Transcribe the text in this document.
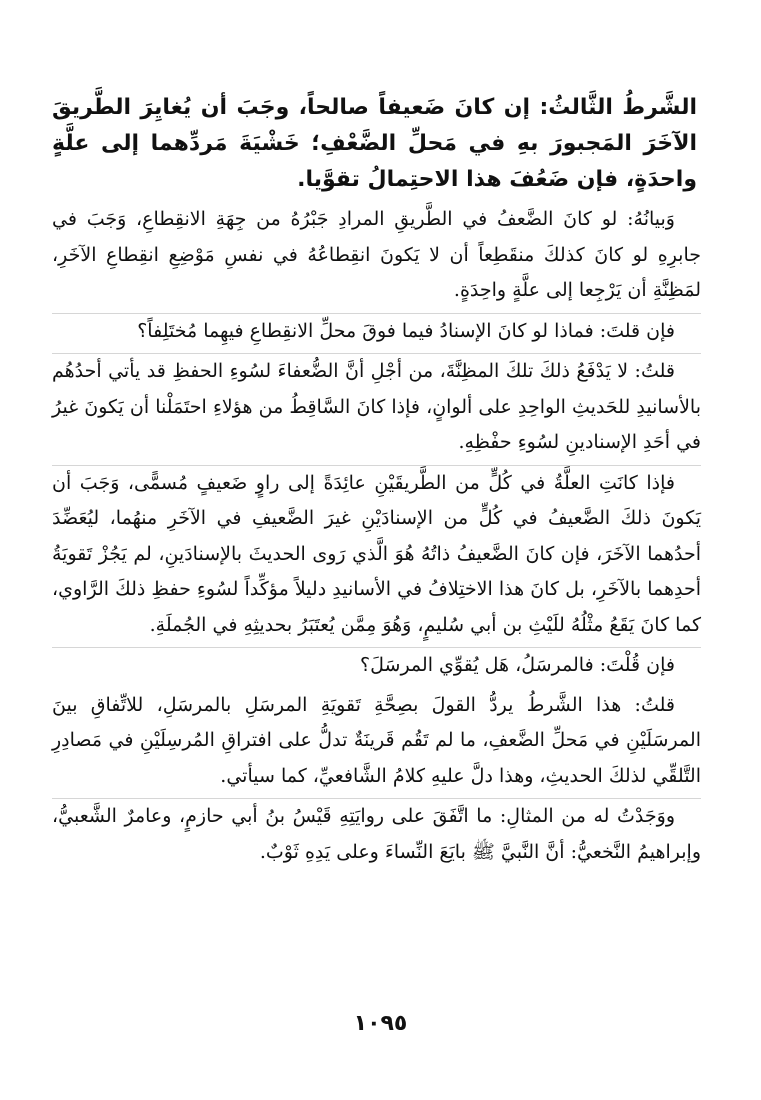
الشَّرطُ الثَّالثُ: إن كانَ ضَعيفاً صالحاً، وجَبَ أن يُغايِرَ الطَّريقَ الآخَرَ المَجبورَ بهِ في مَحلِّ الضَّعْفِ؛ خَشْيَةَ مَردِّهما إلى علَّةٍ واحدَةٍ، فإن ضَعُفَ هذا الاحتِمالُ تقوَّيا.

وَبيانُهُ: لو كانَ الضَّعفُ في الطَّريقِ المرادِ جَبْرُهُ من جِهَةِ الانقِطاعِ، وَجَبَ في جابرِهِ لو كانَ كذلكَ منقَطِعاً أن لا يَكونَ انقِطاعُهُ في نفسِ مَوْضِعِ انقِطاعِ الآخَرِ، لمَظِنَّةِ أن يَرْجِعا إلى علَّةٍ واحِدَةٍ.

فإن قلتَ: فماذا لو كانَ الإسنادُ فيما فوقَ محلِّ الانقِطاعِ فيهِما مُختَلِفاً؟

قلتُ: لا يَدْفَعُ ذلكَ تلكَ المظِنَّةَ، من أجْلِ أنَّ الضُّعفاءَ لسُوءِ الحفظِ قد يأتي أحدُهُم بالأسانيدِ للحَديثِ الواحِدِ على ألوانٍ، فإذا كانَ السَّاقِطُ من هؤلاءِ احتَمَلْنا أن يَكونَ غيرُ في أحَدِ الإسنادينِ لسُوءِ حفْظِهِ.

فإذا كانَتِ العلَّةُ في كُلٍّ من الطَّريقَيْنِ عائِدَةً إلى راوٍ ضَعيفٍ مُسمًّى، وَجَبَ أن يَكونَ ذلكَ الضَّعيفُ في كُلٍّ من الإسنادَيْنِ غيرَ الضَّعيفِ في الآخَرِ منهُما، ليُعَضِّدَ أحدُهما الآخَرَ، فإن كانَ الضَّعيفُ ذاتُهُ هُوَ الَّذي رَوى الحديثَ بالإسنادَينِ، لم يَجُزْ تَقويَةُ أحدِهما بالآخَرِ، بل كانَ هذا الاختِلافُ في الأسانيدِ دليلاً مؤكِّداً لسُوءِ حفظِ ذلكَ الرَّاوي، كما كانَ يَقَعُ مثْلُهُ للَيْثِ بن أبي سُليمٍ، وَهُوَ مِمَّن يُعتَبَرُ بحديثِهِ في الجُملَةِ.

فإن قُلْتَ: فالمرسَلُ، هَل يُقوِّي المرسَلَ؟

قلتُ: هذا الشَّرطُ يردُّ القولَ بصِحَّةِ تَقويَةِ المرسَلِ بالمرسَلِ، للاتِّفاقِ بينَ المرسَلَيْنِ في مَحلِّ الضَّعفِ، ما لم تَقُم قَرينَةٌ تدلُّ على افتراقِ المُرسِلَيْنِ في مَصادِرِ التَّلقِّي لذلكَ الحديثِ، وهذا دلَّ عليهِ كلامُ الشَّافعيِّ، كما سيأتي.

ووَجَدْتُ له من المثالِ: ما اتَّفَقَ على روايَتِهِ قَيْسُ بنُ أبي حازمٍ، وعامرٌ الشَّعبيُّ، وإبراهيمُ النَّخعيُّ: أنَّ النَّبيَّ ﷺ بايَعَ النِّساءَ وعلى يَدِهِ ثَوْبٌ.

١٠٩٥
